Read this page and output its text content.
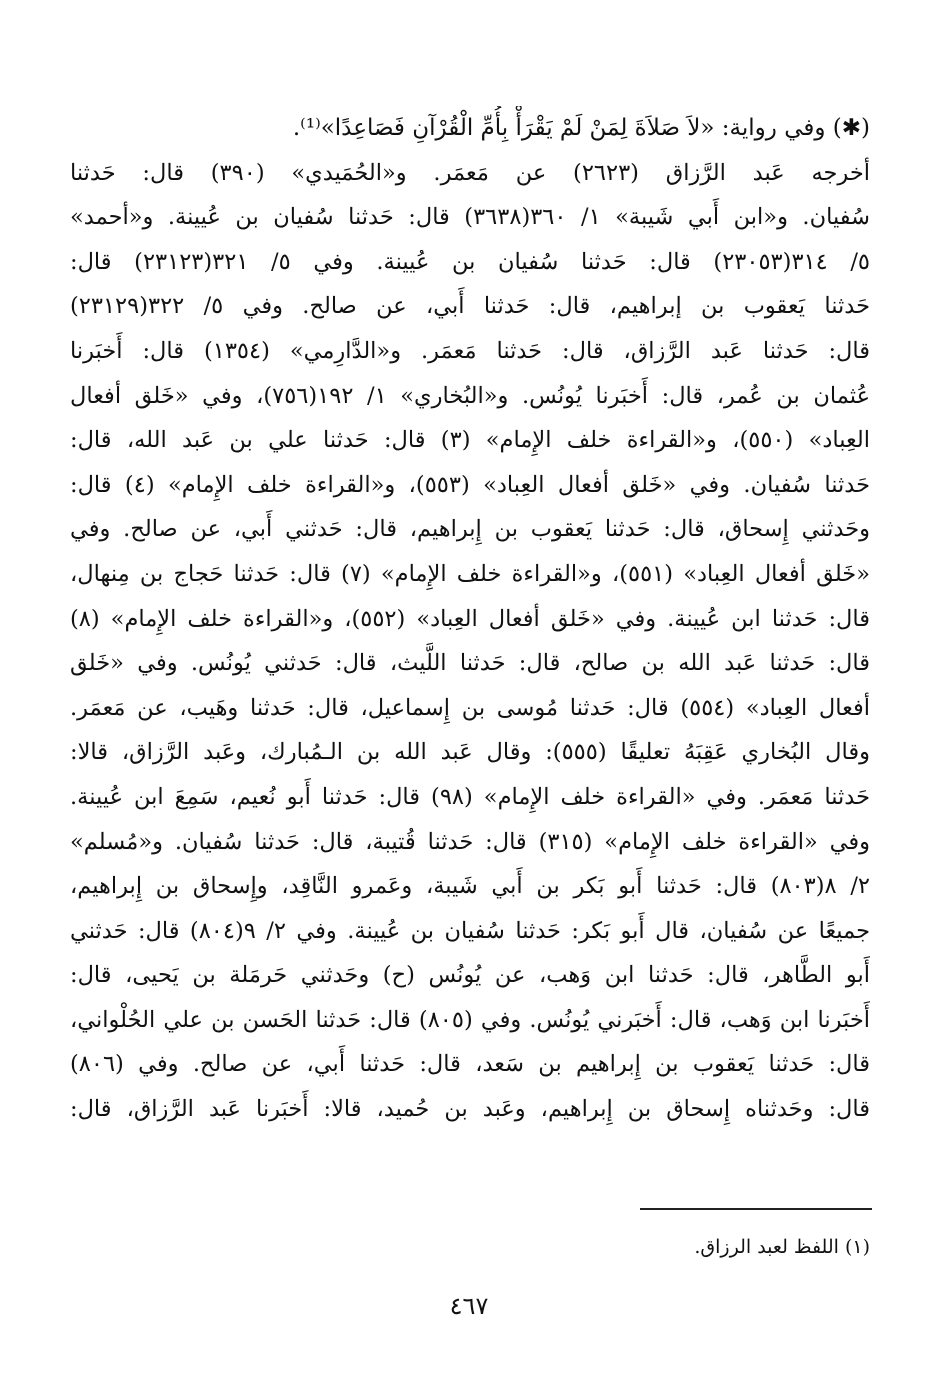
(✱) وفي رواية: «لاَ صَلاَةَ لِمَنْ لَمْ يَقْرَأْ بِأُمِّ الْقُرْآنِ فَصَاعِدًا»⁽¹⁾.
أخرجه عَبد الرَّزاق (٢٦٢٣) عن مَعمَر. و«الحُمَيدي» (٣٩٠) قال: حَدثنا
سُفيان. و«ابن أَبي شَيبة» ١/ ٣٦٠(٣٦٣٨) قال: حَدثنا سُفيان بن عُيينة. و«أحمد»
٥/ ٣١٤(٢٣٠٥٣) قال: حَدثنا سُفيان بن عُيينة. وفي ٥/ ٣٢١(٢٣١٢٣) قال:
حَدثنا يَعقوب بن إبراهيم، قال: حَدثنا أَبي، عن صالح. وفي ٥/ ٣٢٢(٢٣١٢٩)
قال: حَدثنا عَبد الرَّزاق، قال: حَدثنا مَعمَر. و«الدَّارِمي» (١٣٥٤) قال: أَخبَرنا
عُثمان بن عُمر، قال: أَخبَرنا يُونُس. و«البُخاري» ١/ ١٩٢(٧٥٦)، وفي «خَلق أفعال
العِباد» (٥٥٠)، و«القراءة خلف الإِمام» (٣) قال: حَدثنا علي بن عَبد الله، قال:
حَدثنا سُفيان. وفي «خَلق أفعال العِباد» (٥٥٣)، و«القراءة خلف الإِمام» (٤) قال:
وحَدثني إِسحاق، قال: حَدثنا يَعقوب بن إِبراهيم، قال: حَدثني أَبي، عن صالح. وفي
«خَلق أفعال العِباد» (٥٥١)، و«القراءة خلف الإِمام» (٧) قال: حَدثنا حَجاج بن مِنهال،
قال: حَدثنا ابن عُيينة. وفي «خَلق أفعال العِباد» (٥٥٢)، و«القراءة خلف الإِمام» (٨)
قال: حَدثنا عَبد الله بن صالح، قال: حَدثنا اللَّيث، قال: حَدثني يُونُس. وفي «خَلق
أفعال العِباد» (٥٥٤) قال: حَدثنا مُوسى بن إِسماعيل، قال: حَدثنا وهَيب، عن مَعمَر.
وقال البُخاري عَقِبَهُ تعليقًا (٥٥٥): وقال عَبد الله بن الـمُبارك، وعَبد الرَّزاق، قالا:
حَدثنا مَعمَر. وفي «القراءة خلف الإِمام» (٩٨) قال: حَدثنا أَبو نُعيم، سَمِعَ ابن عُيينة.
وفي «القراءة خلف الإِمام» (٣١٥) قال: حَدثنا قُتيبة، قال: حَدثنا سُفيان. و«مُسلم»
٢/ ٨(٨٠٣) قال: حَدثنا أَبو بَكر بن أَبي شَيبة، وعَمرو النَّاقِد، وإِسحاق بن إِبراهيم،
جميعًا عن سُفيان، قال أَبو بَكر: حَدثنا سُفيان بن عُيينة. وفي ٢/ ٩(٨٠٤) قال: حَدثني
أَبو الطَّاهر، قال: حَدثنا ابن وَهب، عن يُونُس (ح) وحَدثني حَرمَلة بن يَحيى، قال:
أَخبَرنا ابن وَهب، قال: أَخبَرني يُونُس. وفي (٨٠٥) قال: حَدثنا الحَسن بن علي الحُلْواني،
قال: حَدثنا يَعقوب بن إِبراهيم بن سَعد، قال: حَدثنا أَبي، عن صالح. وفي (٨٠٦)
قال: وحَدثناه إِسحاق بن إِبراهيم، وعَبد بن حُميد، قالا: أَخبَرنا عَبد الرَّزاق، قال:
(١) اللفظ لعبد الرزاق.
٤٦٧
